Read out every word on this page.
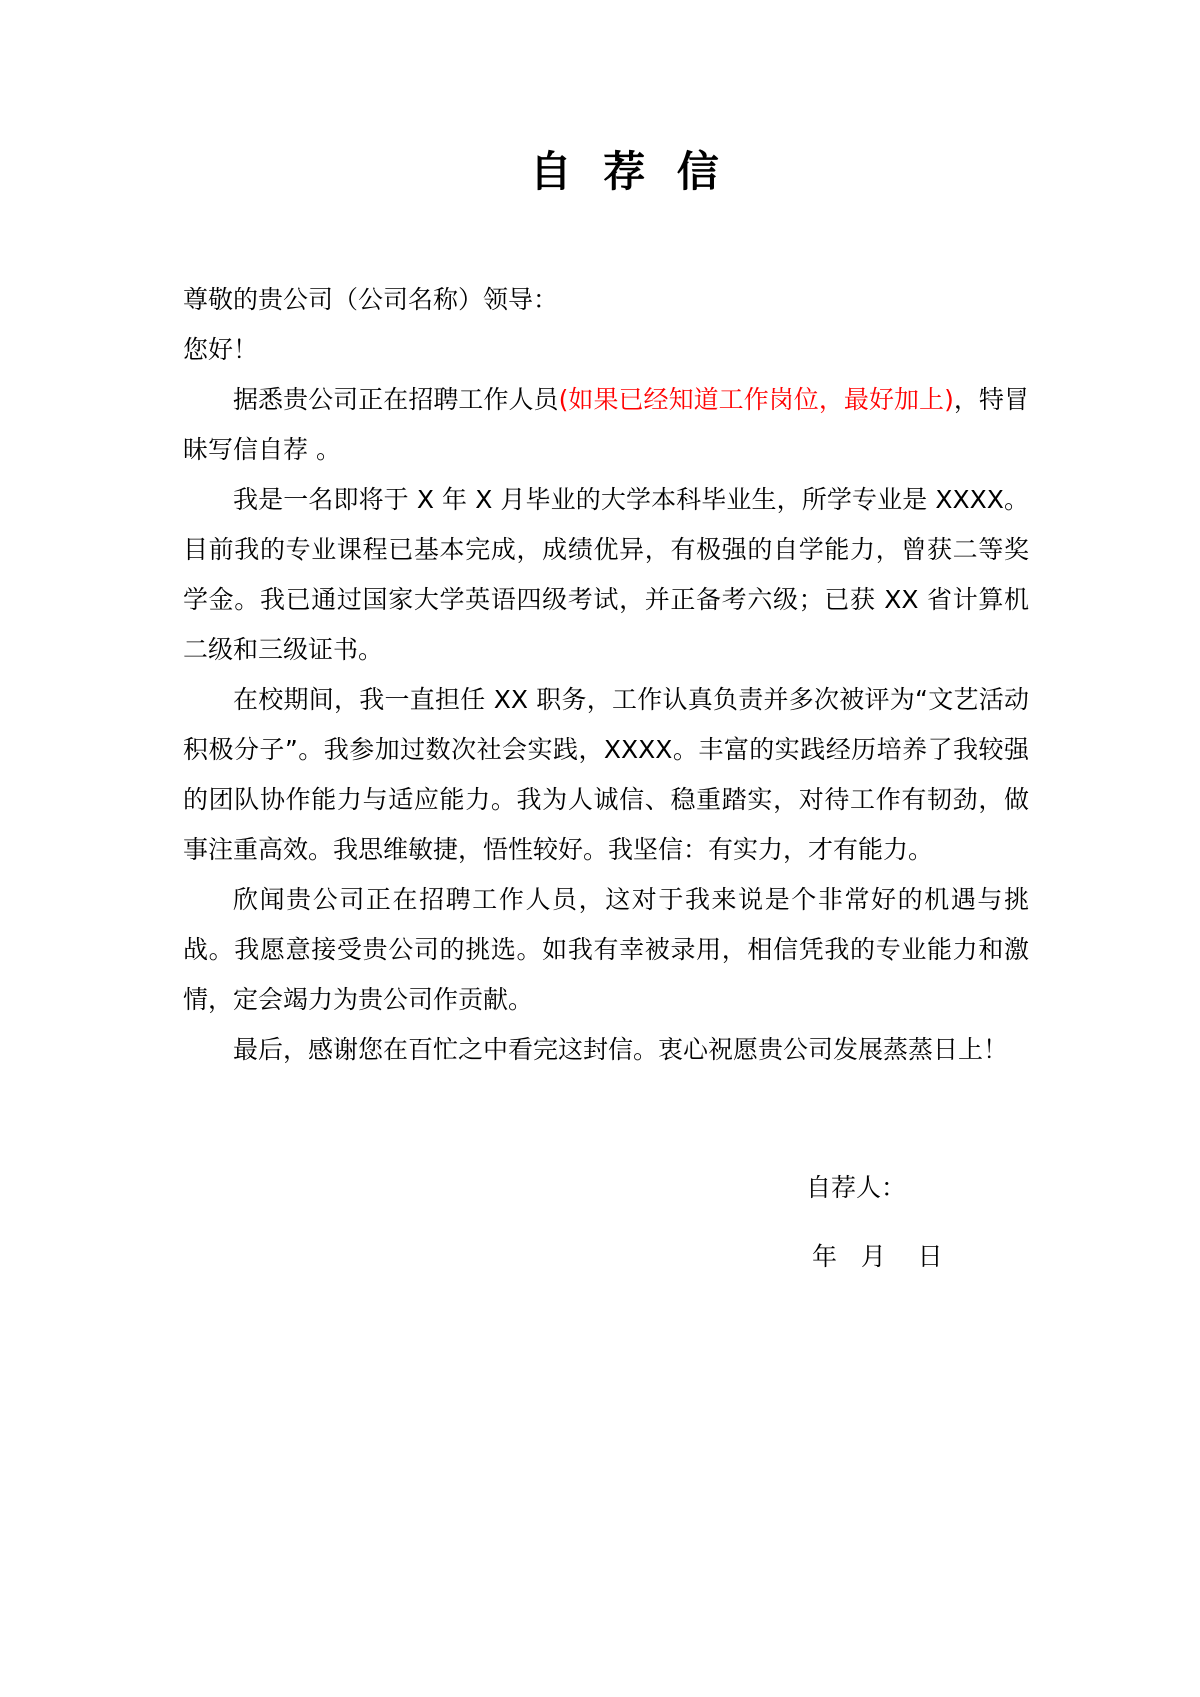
自荐信

尊敬的贵公司（公司名称）领导：

您好！

据悉贵公司正在招聘工作人员(如果已经知道工作岗位，最好加上)，特冒昧写信自荐 。

我是一名即将于 X 年 X 月毕业的大学本科毕业生，所学专业是 XXXX。目前我的专业课程已基本完成，成绩优异，有极强的自学能力，曾获二等奖学金。我已通过国家大学英语四级考试，并正备考六级；已获 XX 省计算机二级和三级证书。

在校期间，我一直担任 XX 职务，工作认真负责并多次被评为“文艺活动积极分子”。我参加过数次社会实践，XXXX。丰富的实践经历培养了我较强的团队协作能力与适应能力。我为人诚信、稳重踏实，对待工作有韧劲，做事注重高效。我思维敏捷，悟性较好。我坚信：有实力，才有能力。

欣闻贵公司正在招聘工作人员，这对于我来说是个非常好的机遇与挑战。我愿意接受贵公司的挑选。如我有幸被录用，相信凭我的专业能力和激情，定会竭力为贵公司作贡献。

最后，感谢您在百忙之中看完这封信。衷心祝愿贵公司发展蒸蒸日上！

自荐人：
年   月    日
